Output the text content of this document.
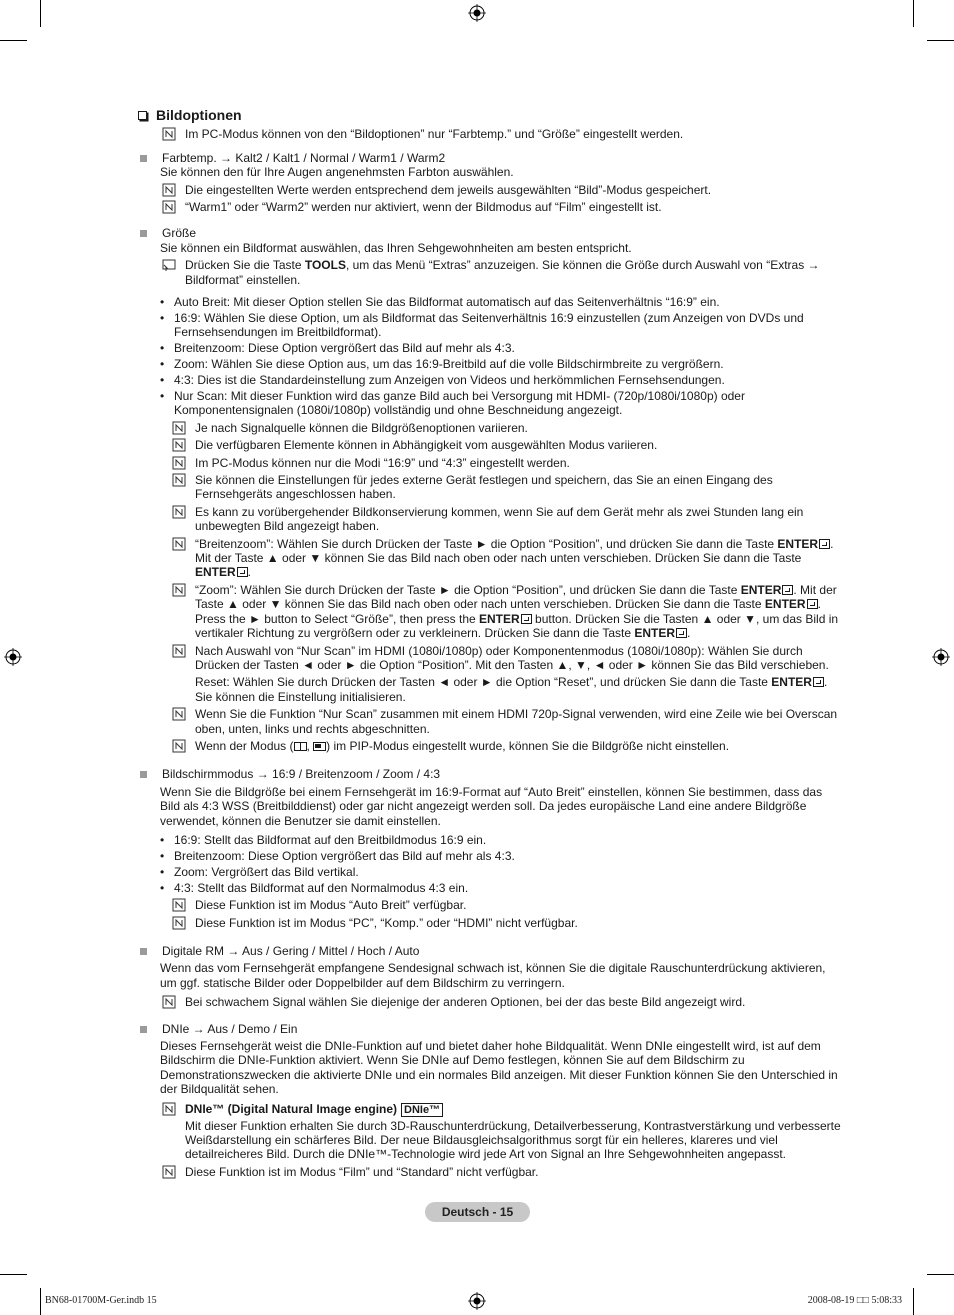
Bildoptionen
Im PC-Modus können von den “Bildoptionen” nur “Farbtemp.” und “Größe” eingestellt werden.
Farbtemp. → Kalt2 / Kalt1 / Normal / Warm1 / Warm2
Sie können den für Ihre Augen angenehmsten Farbton auswählen.
Die eingestellten Werte werden entsprechend dem jeweils ausgewählten “Bild”-Modus gespeichert.
“Warm1” oder “Warm2” werden nur aktiviert, wenn der Bildmodus auf “Film” eingestellt ist.
Größe
Sie können ein Bildformat auswählen, das Ihren Sehgewohnheiten am besten entspricht.
Drücken Sie die Taste TOOLS, um das Menü “Extras” anzuzeigen. Sie können die Größe durch Auswahl von “Extras → Bildformat” einstellen.
• Auto Breit: Mit dieser Option stellen Sie das Bildformat automatisch auf das Seitenverhältnis “16:9” ein.
• 16:9: Wählen Sie diese Option, um als Bildformat das Seitenverhältnis 16:9 einzustellen (zum Anzeigen von DVDs und Fernsehsendungen im Breitbildformat).
• Breitenzoom: Diese Option vergrößert das Bild auf mehr als 4:3.
• Zoom: Wählen Sie diese Option aus, um das 16:9-Breitbild auf die volle Bildschirmbreite zu vergrößern.
• 4:3: Dies ist die Standardeinstellung zum Anzeigen von Videos und herkömmlichen Fernsehsendungen.
• Nur Scan: Mit dieser Funktion wird das ganze Bild auch bei Versorgung mit HDMI- (720p/1080i/1080p) oder Komponentensignalen (1080i/1080p) vollständig und ohne Beschneidung angezeigt.
Je nach Signalquelle können die Bildgrößenoptionen variieren.
Die verfügbaren Elemente können in Abhängigkeit vom ausgewählten Modus variieren.
Im PC-Modus können nur die Modi “16:9” und “4:3” eingestellt werden.
Sie können die Einstellungen für jedes externe Gerät festlegen und speichern, das Sie an einen Eingang des Fernsehgeräts angeschlossen haben.
Es kann zu vorübergehender Bildkonservierung kommen, wenn Sie auf dem Gerät mehr als zwei Stunden lang ein unbewegten Bild angezeigt haben.
“Breitenzoom”: Wählen Sie durch Drücken der Taste ► die Option “Position”, und drücken Sie dann die Taste ENTER . Mit der Taste ▲ oder ▼ können Sie das Bild nach oben oder nach unten verschieben. Drücken Sie dann die Taste ENTER .
“Zoom”: Wählen Sie durch Drücken der Taste ► die Option “Position”, und drücken Sie dann die Taste ENTER . Mit der Taste ▲ oder ▼ können Sie das Bild nach oben oder nach unten verschieben. Drücken Sie dann die Taste ENTER . Press the ► button to Select “Größe”, then press the ENTER button. Drücken Sie die Tasten ▲ oder ▼, um das Bild in vertikaler Richtung zu vergrößern oder zu verkleinern. Drücken Sie dann die Taste ENTER .
Nach Auswahl von “Nur Scan” im HDMI (1080i/1080p) oder Komponentenmodus (1080i/1080p): Wählen Sie durch Drücken der Tasten ◄ oder ► die Option “Position”. Mit den Tasten ▲, ▼, ◄ oder ► können Sie das Bild verschieben.
Reset: Wählen Sie durch Drücken der Tasten ◄ oder ► die Option “Reset”, und drücken Sie dann die Taste ENTER . Sie können die Einstellung initialisieren.
Wenn Sie die Funktion “Nur Scan” zusammen mit einem HDMI 720p-Signal verwenden, wird eine Zeile wie bei Overscan oben, unten, links und rechts abgeschnitten.
Wenn der Modus ( , ) im PIP-Modus eingestellt wurde, können Sie die Bildgröße nicht einstellen.
Bildschirmmodus → 16:9 / Breitenzoom / Zoom / 4:3
Wenn Sie die Bildgröße bei einem Fernsehgerät im 16:9-Format auf “Auto Breit” einstellen, können Sie bestimmen, dass das Bild als 4:3 WSS (Breitbilddienst) oder gar nicht angezeigt werden soll. Da jedes europäische Land eine andere Bildgröße verwendet, können die Benutzer sie damit einstellen.
• 16:9: Stellt das Bildformat auf den Breitbildmodus 16:9 ein.
• Breitenzoom: Diese Option vergrößert das Bild auf mehr als 4:3.
• Zoom: Vergrößert das Bild vertikal.
• 4:3: Stellt das Bildformat auf den Normalmodus 4:3 ein.
Diese Funktion ist im Modus “Auto Breit” verfügbar.
Diese Funktion ist im Modus “PC”, “Komp.” oder “HDMI” nicht verfügbar.
Digitale RM → Aus / Gering / Mittel / Hoch / Auto
Wenn das vom Fernsehgerät empfangene Sendesignal schwach ist, können Sie die digitale Rauschunterdrückung aktivieren, um ggf. statische Bilder oder Doppelbilder auf dem Bildschirm zu verringern.
Bei schwachem Signal wählen Sie diejenige der anderen Optionen, bei der das beste Bild angezeigt wird.
DNIe → Aus / Demo / Ein
Dieses Fernsehgerät weist die DNIe-Funktion auf und bietet daher hohe Bildqualität. Wenn DNIe eingestellt wird, ist auf dem Bildschirm die DNIe-Funktion aktiviert. Wenn Sie DNIe auf Demo festlegen, können Sie auf dem Bildschirm zu Demonstrationszwecken die aktivierte DNIe und ein normales Bild anzeigen. Mit dieser Funktion können Sie den Unterschied in der Bildqualität sehen.
DNIe™ (Digital Natural Image engine) DNIe™
Mit dieser Funktion erhalten Sie durch 3D-Rauschunterdrückung, Detailverbesserung, Kontrastverstärkung und verbesserte Weißdarstellung ein schärferes Bild. Der neue Bildausgleichsalgorithmus sorgt für ein helleres, klareres und viel detailreicheres Bild. Durch die DNIe™-Technologie wird jede Art von Signal an Ihre Sehgewohnheiten angepasst.
Diese Funktion ist im Modus “Film” und “Standard” nicht verfügbar.
Deutsch - 15
BN68-01700M-Ger.indb 15	2008-08-19 □□ 5:08:33
